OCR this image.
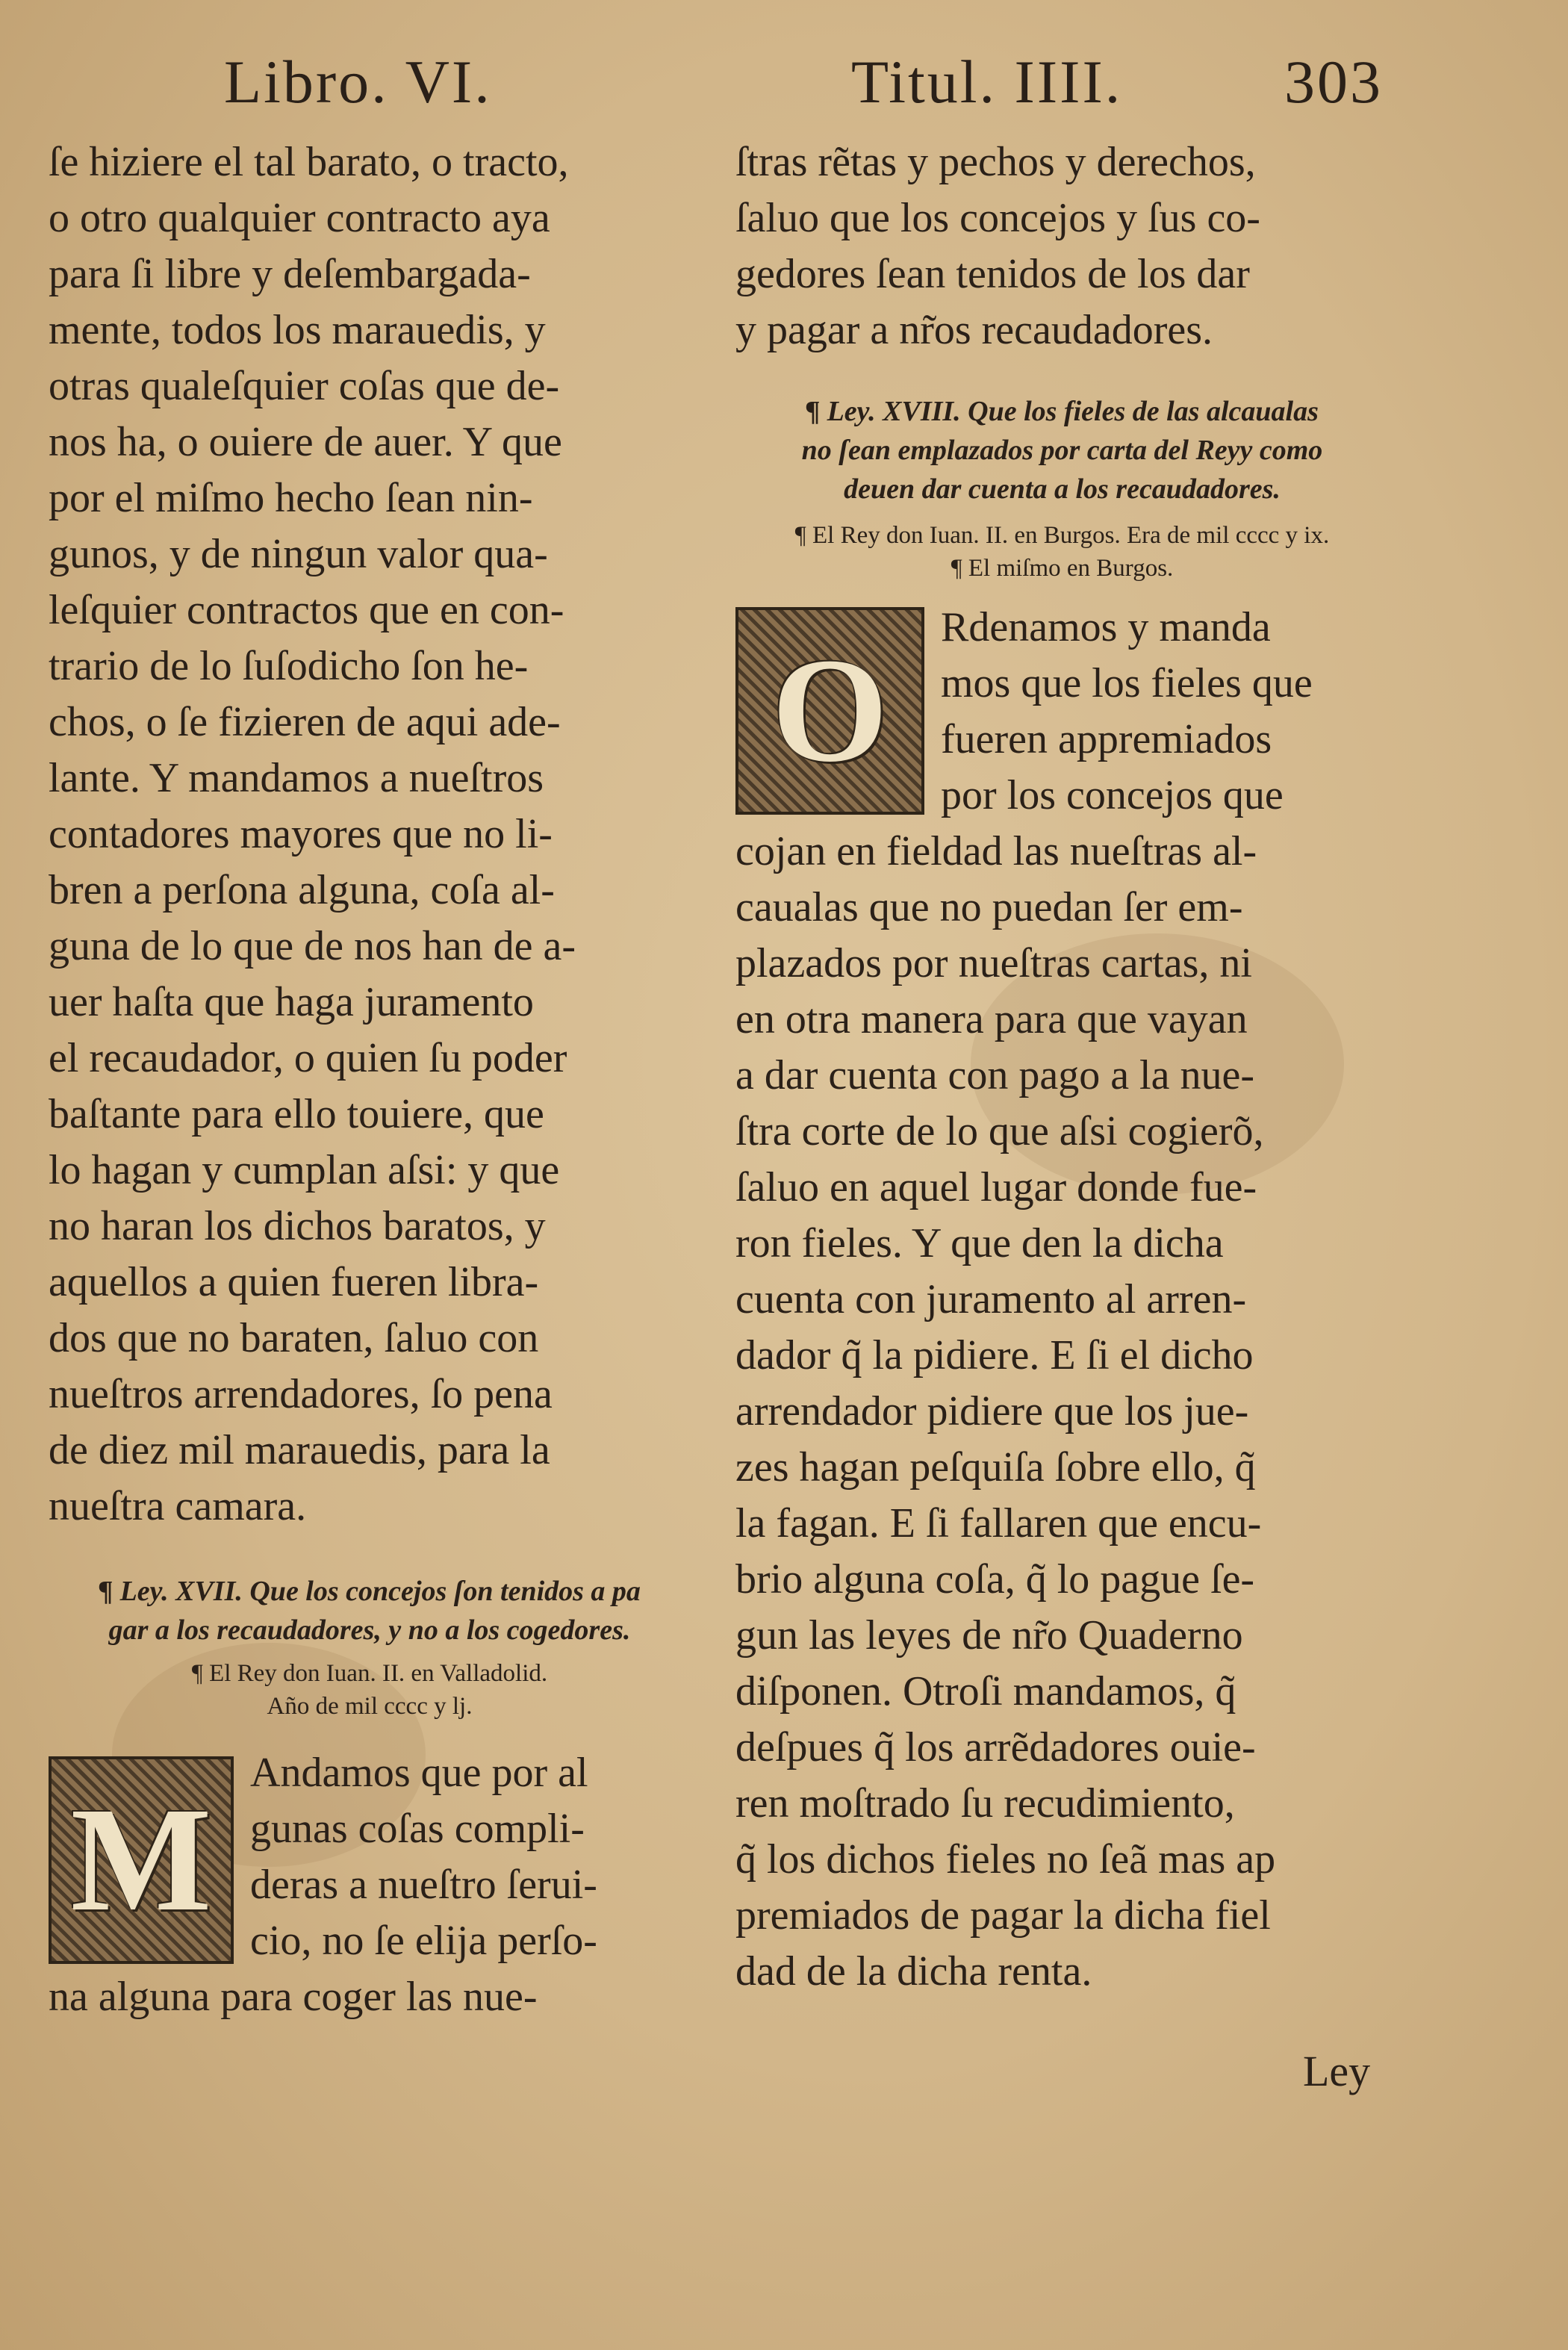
Libro. VI.	Titul. IIII.	303

ſe hiziere el tal barato, o tracto,

o otro qualquier contracto aya

para ſi libre y deſembargada-

mente, todos los marauedis, y

otras qualeſquier coſas que de-

nos ha, o ouiere de auer. Y que

por el miſmo hecho ſean nin-

gunos, y de ningun valor qua-

leſquier contractos que en con-

trario de lo ſuſodicho ſon he-

chos, o ſe fizieren de aqui ade-

lante. Y mandamos a nueſtros

contadores mayores que no li-

bren a perſona alguna, coſa al-

guna de lo que de nos han de a-

uer haſta que haga juramento

el recaudador, o quien ſu poder

baſtante para ello touiere, que

lo hagan y cumplan aſsi: y que

no haran los dichos baratos, y

aquellos a quien fueren libra-

dos que no baraten, ſaluo con

nueſtros arrendadores, ſo pena

de diez mil marauedis, para la

nueſtra camara.

¶ Ley. XVII. Que los concejos ſon tenidos a pa

gar a los recaudadores, y no a los cogedores.

¶ El Rey don Iuan. II. en Valladolid.

Año de mil cccc y lj.

M

Andamos que por al

gunas coſas compli-

deras a nueſtro ſerui-

cio, no ſe elija perſo-

na alguna para coger las nue-

ſtras rẽtas y pechos y derechos,

ſaluo que los concejos y ſus co-

gedores ſean tenidos de los dar

y pagar a nr̃os recaudadores.

¶ Ley. XVIII. Que los fieles de las alcaualas

no ſean emplazados por carta del Reyy como

deuen dar cuenta a los recaudadores.

¶ El Rey don Iuan. II. en Burgos. Era de mil cccc y ix.

¶ El miſmo en Burgos.

O

Rdenamos y manda

mos que los fieles que

fueren appremiados

por los concejos que

cojan en fieldad las nueſtras al-

caualas que no puedan ſer em-

plazados por nueſtras cartas, ni

en otra manera para que vayan

a dar cuenta con pago a la nue-

ſtra corte de lo que aſsi cogierõ,

ſaluo en aquel lugar donde fue-

ron fieles. Y que den la dicha

cuenta con juramento al arren-

dador q̃ la pidiere. E ſi el dicho

arrendador pidiere que los jue-

zes hagan peſquiſa ſobre ello, q̃

la fagan. E ſi fallaren que encu-

brio alguna coſa, q̃ lo pague ſe-

gun las leyes de nr̃o Quaderno

diſponen. Otroſi mandamos, q̃

deſpues q̃ los arrẽdadores ouie-

ren moſtrado ſu recudimiento,

q̃ los dichos fieles no ſeã mas ap

premiados de pagar la dicha fiel

dad de la dicha renta.

Ley
